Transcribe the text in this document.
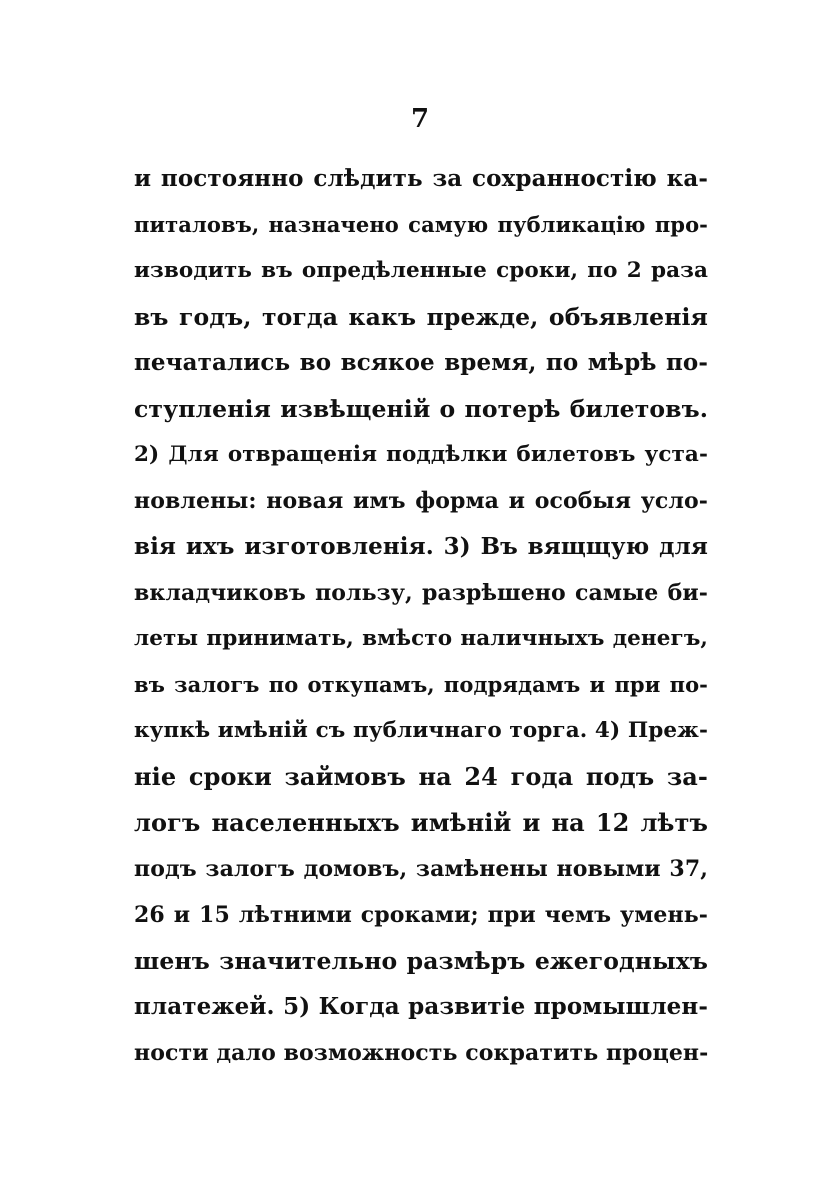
7
и постоянно слѣдить за сохранностію ка-
питаловъ, назначено самую публикацію про-
изводить въ опредѣленные сроки, по 2 раза
въ годъ, тогда какъ прежде, объявленія
печатались во всякое время, по мѣрѣ по-
ступленія извѣщеній о потерѣ билетовъ.
2) Для отвращенія поддѣлки билетовъ уста-
новлены: новая имъ форма и особыя усло-
вія ихъ изготовленія. 3) Въ вящщую для
вкладчиковъ пользу, разрѣшено самые би-
леты принимать, вмѣсто наличныхъ денегъ,
въ залогъ по откупамъ, подрядамъ и при по-
купкѣ имѣній съ публичнаго торга. 4) Преж-
ніе сроки займовъ на 24 года подъ за-
логъ населенныхъ имѣній и на 12 лѣтъ
подъ залогъ домовъ, замѣнены новыми 37,
26 и 15 лѣтними сроками; при чемъ умень-
шенъ значительно размѣръ ежегодныхъ
платежей. 5) Когда развитіе промышлен-
ности дало возможность сократить процен-
